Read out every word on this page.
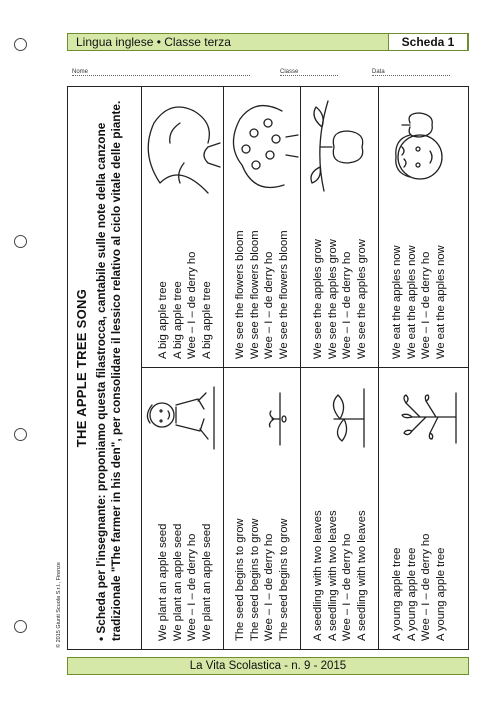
Lingua inglese • Classe terza	Scheda 1
Nome	Classe	Data
THE APPLE TREE SONG
• Scheda per l'insegnante: proponiamo questa filastrocca, cantabile sulle note della canzone tradizionale "The farmer in his den", per consolidare il lessico relativo al ciclo vitale delle piante.	We plant an apple seed We plant an apple seed Wee – I – de derry ho We plant an apple seed
A big apple tree A big apple tree Wee – I – de derry ho A big apple tree
The seed begins to grow The seed begins to grow Wee – I – de derry ho The seed begins to grow
We see the flowers bloom We see the flowers bloom Wee – I – de derry ho We see the flowers bloom
A seedling with two leaves A seedling with two leaves Wee – I – de derry ho A seedling with two leaves
We see the apples grow We see the apples grow Wee – I – de derry ho We see the apples grow
A young apple tree A young apple tree Wee – I – de derry ho A young apple tree
We eat the apples now We eat the apples now Wee – I – de derry ho We eat the apples now
La Vita Scolastica - n. 9 - 2015
© 2015 Giunti Scuola S.r.l., Firenze
